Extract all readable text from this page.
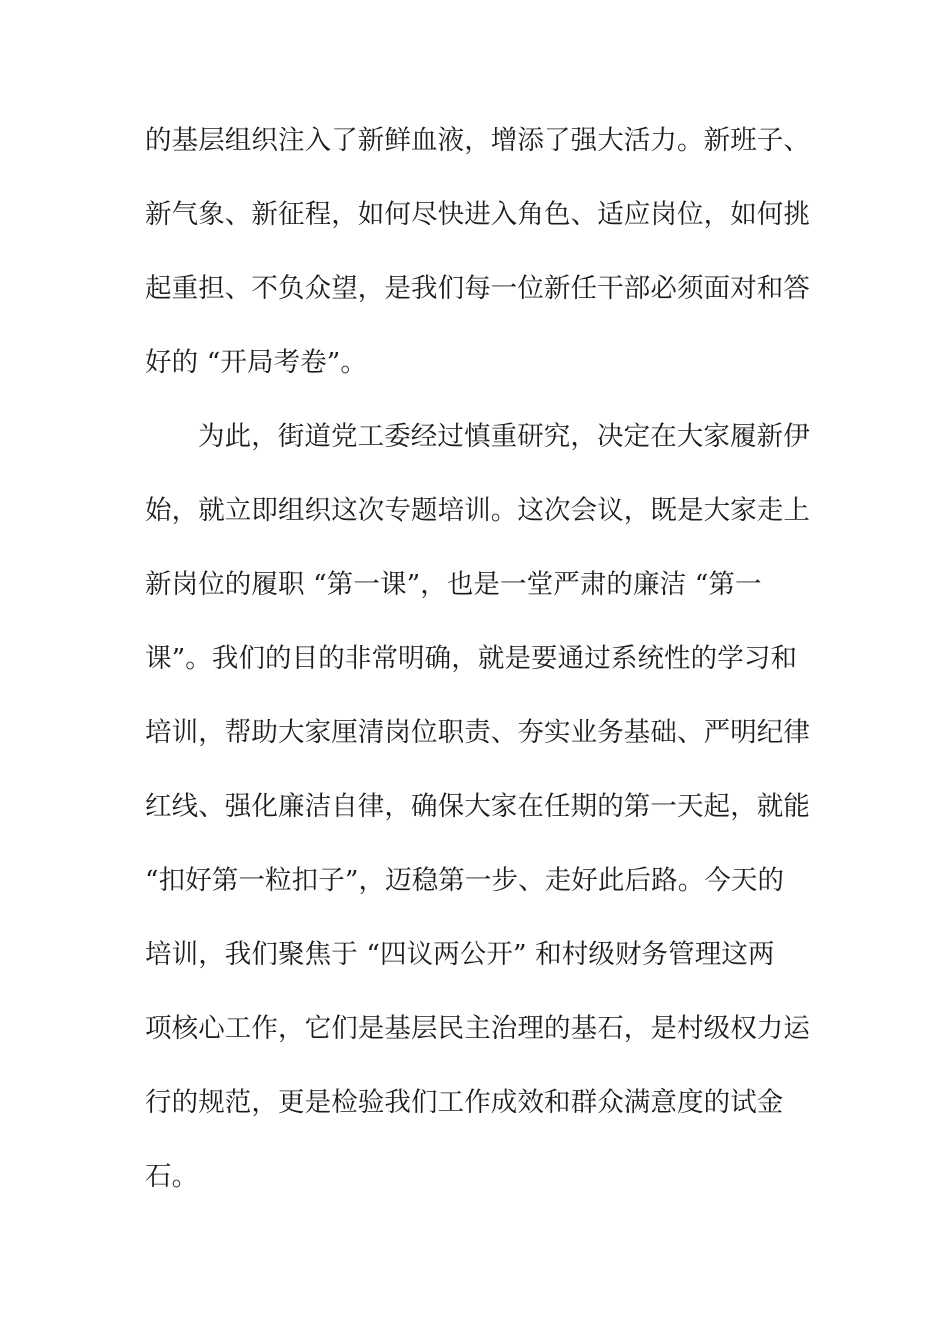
的基层组织注入了新鲜血液，增添了强大活力。新班子、
新气象、新征程，如何尽快进入角色、适应岗位，如何挑
起重担、不负众望，是我们每一位新任干部必须面对和答
好的 “开局考卷”。
为此，街道党工委经过慎重研究，决定在大家履新伊
始，就立即组织这次专题培训。这次会议，既是大家走上
新岗位的履职 “第一课”，也是一堂严肃的廉洁 “第一
课”。我们的目的非常明确，就是要通过系统性的学习和
培训，帮助大家厘清岗位职责、夯实业务基础、严明纪律
红线、强化廉洁自律，确保大家在任期的第一天起，就能
“扣好第一粒扣子”，迈稳第一步、走好此后路。今天的
培训，我们聚焦于 “四议两公开” 和村级财务管理这两
项核心工作，它们是基层民主治理的基石，是村级权力运
行的规范，更是检验我们工作成效和群众满意度的试金
石。
